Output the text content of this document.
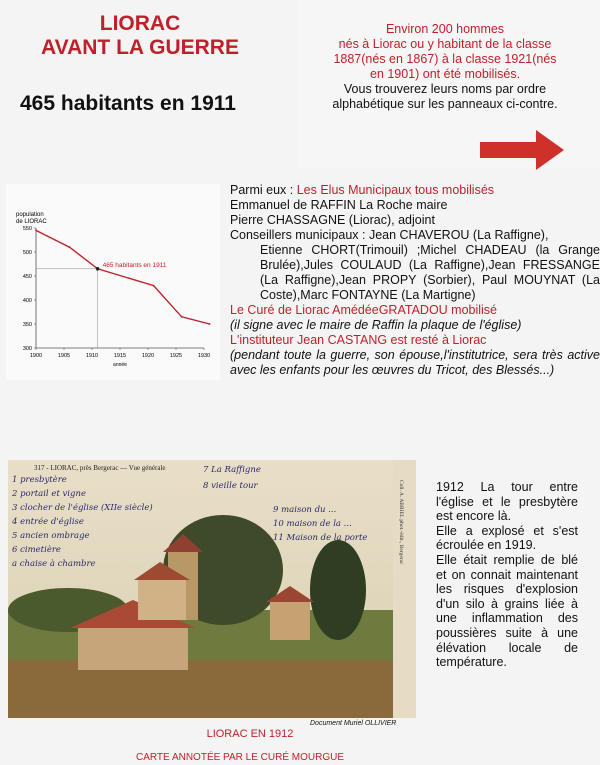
LIORAC
AVANT LA GUERRE
465 habitants en 1911
Environ 200 hommes
nés à Liorac ou y habitant de la classe
1887(nés en 1867) à la classe 1921(nés
en 1901) ont été mobilisés.
Vous trouverez leurs noms par ordre
alphabétique sur les panneaux ci-contre.
population de LIORAC
300
350
400
450
500
550
1900	1905	1910	1915	1920	1925	1930
année
465 habitants en 1911

Parmi eux : Les Elus Municipaux tous mobilisés

Emmanuel de RAFFIN La Roche maire

Pierre CHASSAGNE (Liorac), adjoint

Conseillers municipaux : Jean CHAVEROU (La Raffigne),

Etienne CHORT(Trimouil) ;Michel CHADEAU (la Grange Brulée),Jules COULAUD (La Raffigne),Jean FRESSANGE (La Raffigne),Jean PROPY (Sorbier), Paul MOUYNAT (La Coste),Marc FONTAYNE (La Martigne)

Le Curé de Liorac AmédéeGRATADOU mobilisé

(il signe avec le maire de Raffin la plaque de l'église)

L'instituteur Jean CASTANG est resté à Liorac

(pendant toute la guerre, son épouse,l'institutrice, sera très active avec les enfants pour les œuvres du Tricot, des Blessés...)

1 presbytère
2 portail et vigne
3 clocher de l'église (XIIe siècle)
4 entrée d'église
5 ancien ombrage
6 cimetière
a chaise à chambre
7 La Raffigne
8 vieille tour
9 maison du ...
10 maison de la ...
11 Maison de la porte
317 - LIORAC, près Bergerac — Vue générale
Coll. A. ABRIEL phot.-édit., Bergerac
Document Muriel OLLIVIER

1912 La tour entre l'église et le presbytère est encore là.

Elle a explosé et s'est écroulée en 1919.

Elle était remplie de blé et on connait maintenant les risques d'explosion d'un silo à grains liée à une inflammation des poussières suite à une élévation locale de température.

LIORAC EN 1912
CARTE ANNOTÉE PAR LE CURÉ MOURGUE
